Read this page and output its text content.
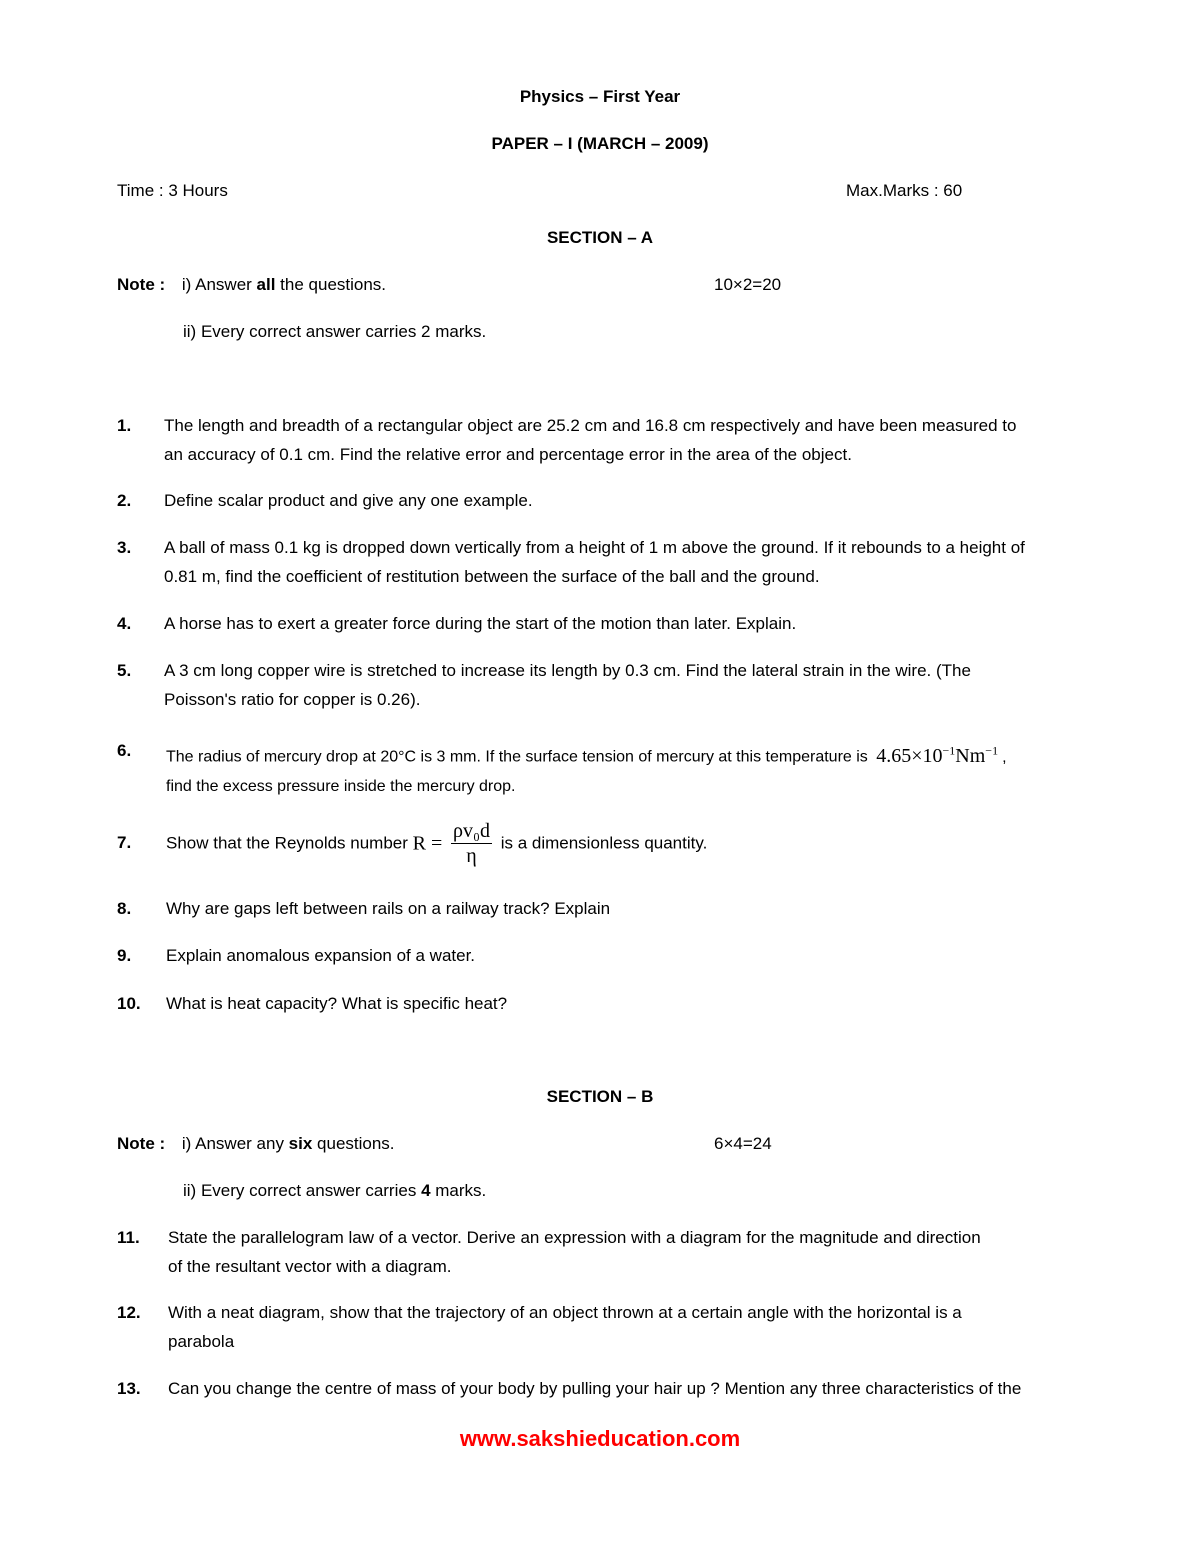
Physics – First Year
PAPER – I (MARCH – 2009)
Time : 3 Hours	Max.Marks : 60
SECTION – A
Note : i) Answer all the questions.	10×2=20
ii) Every correct answer carries 2 marks.
1. The length and breadth of a rectangular object are 25.2 cm and 16.8 cm respectively and have been measured to
an accuracy of 0.1 cm. Find the relative error and percentage error in the area of the object.
2. Define scalar product and give any one example.
3. A ball of mass 0.1 kg is dropped down vertically from a height of 1 m above the ground. If it rebounds to a height of
0.81 m, find the coefficient of restitution between the surface of the ball and the ground.
4. A horse has to exert a greater force during the start of the motion than later. Explain.
5. A 3 cm long copper wire is stretched to increase its length by 0.3 cm. Find the lateral strain in the wire. (The
Poisson's ratio for copper is 0.26).
6. The radius of mercury drop at 20°C is 3 mm. If the surface tension of mercury at this temperature is $4.65\times 10^{-1}Nm^{-1}$ ,
find the excess pressure inside the mercury drop.
7. Show that the Reynolds number $R = \frac{\text{ρv₀d}}{\eta}$ is a dimensionless quantity.
8. Why are gaps left between rails on a railway track? Explain
9. Explain anomalous expansion of a water.
10. What is heat capacity? What is specific heat?
SECTION – B
Note : i) Answer any six questions.	6×4=24
ii) Every correct answer carries 4 marks.
11. State the parallelogram law of a vector. Derive an expression with a diagram for the magnitude and direction
of the resultant vector with a diagram.
12. With a neat diagram, show that the trajectory of an object thrown at a certain angle with the horizontal is a
parabola
13. Can you change the centre of mass of your body by pulling your hair up ? Mention any three characteristics of the
www.sakshieducation.com
